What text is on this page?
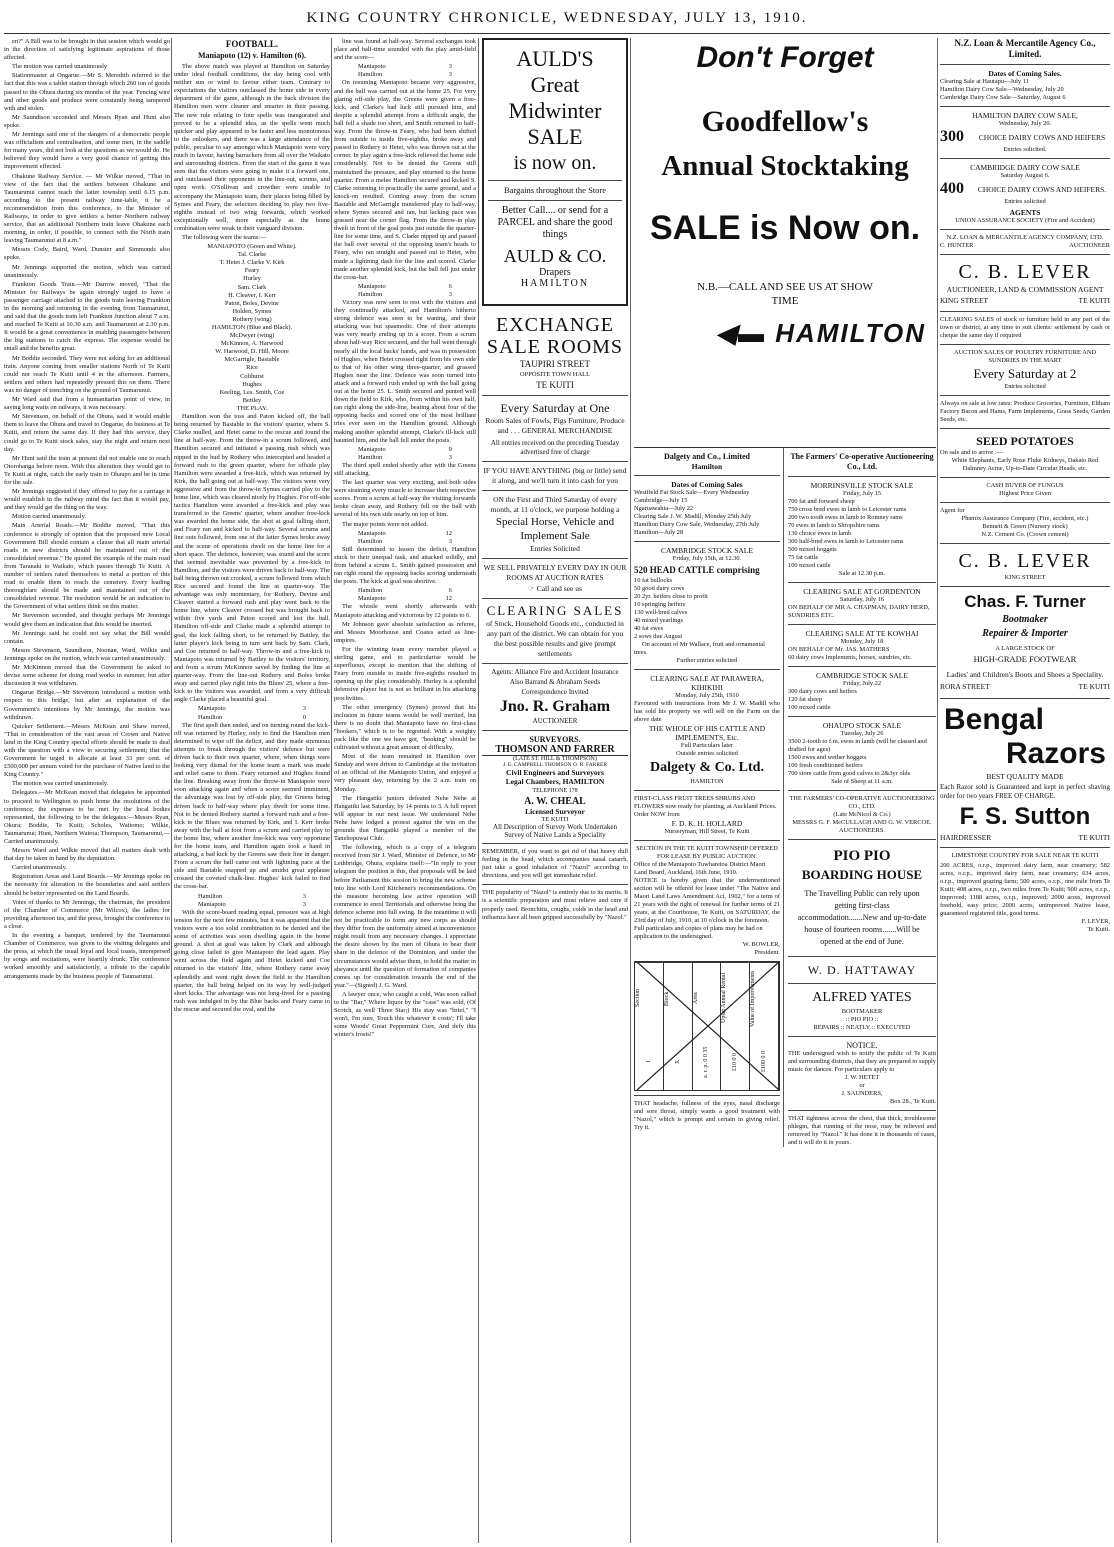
KING COUNTRY CHRONICLE, WEDNESDAY, JULY 13, 1910.

en?" A Bill was to be brought in that session which would go in the direction of satisfying legitimate aspirations of those affected.

The motion was carried unanimously

Stationmaster at Ongarue.—Mr S. Meredith referred to the fact that this was a tablet station through which 260 ton of goods passed to the Ohura during six months of the year. Fencing wire and other goods and produce were constantly being tampered with and stolen.

Mr Saundison seconded and Messrs Ryan and Hunt also spoke.

Mr Jennings said one of the dangers of a democratic people was officialism and centralisation, and some men, in the saddle for many years, did not look at the questions as we would do. He believed they would have a very good chance of getting this improvement effected.

Ohakune Railway Service. — Mr Wilkie moved, "That in view of the fact that the settlers between Ohakune and Taumarunui cannot reach the latter township until 6.15 p.m. according to the present railway time-table, it be a recommendation from this conference, to the Minister of Railways, in order to give settlers a better Northern railway service, that an additional Northern train leave Ohakune each morning, in order, if possible, to connect with the North train leaving Taumarunui at 8 a.m."

Messrs Cody, Baird, Ward, Dunster and Simmonds also spoke.

Mr Jennings supported the motion, which was carried unanimously.

Frankton Goods Train.—Mr Darrow moved, "That the Minister for Railways be again strongly urged to have a passenger carriage attached to the goods train leaving Frankton in the morning and returning in the evening from Taumarunui, and said that the goods train left Frankton Junction about 7 a.m. and reached Te Kuiti at 10.30 a.m. and Taumarunui at 2.30 p.m. It would be a great convenience in enabling passengers between the big stations to catch the express. The expense would be small and the benefits great.

Mr Boddie seconded. They were not asking for an additional train. Anyone coming from smaller stations North of Te Kuiti could not reach Te Kuiti until 4 in the afternoon. Farmers, settlers and others had repeatedly pressed this on them. There was no danger of trenching on the ground of Taumarunui.

Mr Ward said that from a humanitarian point of view, in saving long waits on railways, it was necessary.

Mr Stevenson, on behalf of the Ohura, said it would enable them to leave the Ohura and travel to Ongarue, do business at Te Kuiti, and return the same day. If they had this service, they could go to Te Kuiti stock sales, stay the night and return next day.

Mr Hunt said the train at present did not enable one to reach Otorohanga before noon. With this alteration they would get to Te Kuiti at night, catch the early train to Ohaupo and be in time for the sale.

Mr Jennings suggested if they offered to pay for a carriage it would establish in the railway mind the fact that it would pay, and they would get the thing on the way.

Motion carried unanimously.

Main Arterial Roads.—Mr Boddie moved, "That this conference is strongly of opinion that the proposed new Local Government Bill should contain a clause that all main arterial roads in new districts should be maintained out of the consolidated revenue." He quoted the example of the main road from Taranaki to Waikato, which passes through Te Kuiti. A number of settlers rated themselves to metal a portion of this road to enable them to reach the cemetery. Every leading thoroughfare should be made and maintained out of the consolidated revenue. The resolution would be an indication to the Government of what settlers think on this matter.

Mr Stevenson seconded, and thought perhaps Mr Jennings would give them an indication that this would be inserted.

Mr Jennings said he could not say what the Bill would contain.

Messrs Stevenson, Saundison, Noonan, Ward, Wilkie and Jennings spoke on the motion, which was carried unanimously.

Mr McKinnon moved that the Government be asked to devise some scheme for doing road works in summer, but after discussion it was withdrawn.

Ongarue Bridge.—Mr Stevenson introduced a motion with respect to this bridge, but after an explanation of the Government's intentions by Mr Jennings, the motion was withdrawn.

Quicker Settlement.—Messrs McKean and Shaw moved, "That in consideration of the vast areas of Crown and Native land in the King Country special efforts should be made to deal with the question with a view to securing settlement; that the Government be urged to allocate at least 33 per cent. of £500,000 per annum voted for the purchase of Native land to the King Country."

The motion was carried unanimously.

Delegates.—Mr McKean moved that delegates be appointed to proceed to Wellington to push home the resolutions of the conference; the expenses to be met by the local bodies represented, the following to be the delegates:—Messrs Ryan, Okura; Boddie, Te Kuiti; Scholes, Waitomo; Wilkie, Taumarunui; Hunt, Northern Wairoa; Thompson, Taumarunui,—Carried unanimously.

Messrs Ward and Wilkie moved that all matters dealt with that day be taken in hand by the deputation.

Carried unanimously.

Registration Areas and Land Boards.—Mr Jennings spoke on the necessity for alteration in the boundaries and said settlers should be better represented on the Land Boards.

Votes of thanks to Mr Jennings, the chairman, the president of the Chamber of Commerce (Mr Wilcox), the ladies for providing afternoon tea, and the press, brought the conference to a close.

In the evening a banquet, tendered by the Taumarunui Chamber of Commerce, was given to the visiting delegates and the press, at which the usual loyal and local toasts, interspersed by songs and recitations, were heartily drunk. The conference worked smoothly and satisfactorily, a tribute to the capable arrangements made by the business people of Taumarunui.

FOOTBALL.
Maniapoto (12) v. Hamilton (6).

The above match was played at Hamilton on Saturday under ideal football conditions, the day being cool with neither sun or wind to favour either team. Contrary to expectations the visitors outclassed the home side in every department of the game, although in the back division the Hamilton men were cleaner and smarter in their passing. The new rule relating to four spells was inaugurated and proved to be a splendid idea, as the spells went much quicker and play appeared to be faster and less monotonous to the onlookers, and there was a large attendance of the public, peculiar to say amongst which Maniapoto were very much in favour, having barrackers from all over the Waikato and surrounding districts. From the start of the game it was seen that the visitors were going to make it a forward one, and outclassed their opponents in the line-out, scrums, and open work. O'Sullivan and crowther were unable to accompany the Maniapoto team, their places being filled by Symes and Feary, the selectors deciding to play two five-eighths instead of two wing forwards, which worked exceptionally well, more especially as the home combination were weak in their vanguard division.

The following were the teams:—

MANIAPOTO (Green and White).
Tal. Clarke
T. Hetet J. Clarke V. Kirk
Feary
Hurley
Sam. Clark
H. Cleaver, I. Kerr
Paton, Boles, Devine
Holden, Symes
Rothery (wing)
HAMILTON (Blue and Black).
McDwyer (wing)
McKinnon, A. Harwood
W. Harwood, D. Hill, Moore
McGarrigle, Bastable
Rice
Colthurst
Hughes
Keeling, Les. Smith, Coe
Bettley
THE PLAY.

Hamilton won the toss and Paton kicked off, the ball being returned by Bastable to the visitors' quarter, where S. Clarke mulled, and Hetet came to the rescue and found the line at half-way. From the throw-in a scrum followed, and Hamilton secured and initiated a passing rush which was nipped in the bud by Rothery who intercepted and headed a forward rush to the green quarter, where for offside play Hamilton were awarded a free-kick, which was returned by Kirk, the ball going out at half-way. The visitors were very aggressive and from the throw-in Symes carried play to the home line, which was cleared nicely by Hughes. For off-side tactics Hamilton were awarded a free-kick and play was transferred to the Greens' quarter, where another free-kick was awarded the home side, the shot at goal falling short, and Feary ran and kicked to half-way. Several scrums and line outs followed, from one of the latter Symes broke away and the scene of operations dwelt on the home line for a short space. The defence, however, was sound and the score that seemed inevitable was prevented by a free-kick to Hamilton, and the visitors were driven back to half-way. The ball being thrown out crooked, a scrum followed from which Rice secured and found the line at quarter-way. The advantage was only momentary, for Rothery, Devine and Cleaver started a forward rush and play went back to the home line, where Cleaver crossed but was brought back to within five yards and Paton scored and lost the ball. Hamilton off-side and Clarke made a splendid attempt to goal, the kick falling short, to be returned by Battley, the latter player's kick being in turn sent back by Sam. Clark, and Coe returned to half-way. Throw-in and a free-kick to Maniapoto was returned by Battley to the visitors' territory, and from a scrum McKinnon saved by finding the line at quarter-way. From the line-out Rothery and Boles broke away and carried play right into the Blues' 25, where a free-kick to the visitors was awarded, and from a very difficult angle Clarke placed a beautiful goal.

Maniapoto	3
Hamilton	0

The first spell then ended, and on turning round the kick-off was returned by Hurley, only to find the Hamilton men determined to wipe off the deficit, and they made strenuous attempts to break through the visitors' defence but were driven back to their own quarter, where, when things were looking very dismal for the home team a mark was made and relief came to them. Feary returned and Hughes found the line. Breaking away from the throw-in Maniapoto were soon attacking again and when a score seemed imminent, the advantage was lost by off-side play, the Greens being driven back to half-way where play dwelt for some time. Not to be denied Rothery started a forward rush and a free-kick to the Blues was returned by Kirk, and I. Kerr broke away with the ball at foot from a scrum and carried play to the home line, where another free-kick was very opportune for the home team, and Hamilton again took a hand in attacking, a bad kick by the Greens saw their line in danger. From a scrum the ball came out with lightning pace at the side and Bastable snapped up and amidst great applause crossed the coveted chalk-line. Hughes' kick failed to find the cross-bar.

Hamilton	3
Maniapoto	3

With the score-board reading equal, pressure was at high tension for the next few minutes, but it was apparent that the visitors were a too solid combination to be denied and the scene of activities was soon dwelling again in the home ground. A shot at goal was taken by Clark and although going close failed to give Maniapoto the lead again. Play went across the field again and Hetet kicked and Coe returned to the visitors' line, where Rothery came away splendidly and went right down the field to the Hamilton quarter, the ball being helped on its way by well-judged short kicks. The advantage was not long-lived for a passing rush was indulged in by the Blue backs and Feary came to the rescue and secured the oval, and the

line was found at half-way. Several exchanges took place and half-time sounded with the play amid-field and the score—

Maniapoto	3
Hamilton	3

On resuming Maniapoto became very aggressive, and the ball was carried out at the home 25. For very glaring off-side play, the Greens were given a free-kick, and Clarke's bad luck still pursued him, and despite a splendid attempt from a difficult angle, the ball fell a shade too short, and Smith returned to half-way. From the throw-in Feary, who had been shifted from outside to inside five-eighths, broke away and passed to Rothery to Hetet, who was thrown out at the corner. In play again a free-kick relieved the home side considerably. Not to be denied the Greens still maintained the pressure, and play returned to the home quarter. From a melee Hamilton secured and kicked S. Clarke returning to practically the same ground, and a knock-on resulted. Coming away from the scrum Bastable and McGarrigle transferred play to half-way, where Symes secured and ran, but lacking pace was grassed near the corner flag. From the throw-in play dwelt in front of the goal posts just outside the quarter-line for some time, and S. Clarke nipped up and passed the ball over several of the opposing team's heads to Feary, who ran straight and passed out to Hetet, who made a lightning dash for the line and scored. Clarke made another splendid kick, but the ball fell just under the cross-bar.

Maniapoto	6
Hamilton	3

Victory was now seen to rest with the visitors and they continually attacked, and Hamilton's hitherto strong defence was seen to be waning, and their attacking was but spasmodic. One of their attempts was very nearly ending up in a score. From a scrum about half-way Rice secured, and the ball went through nearly all the local backs' hands, and was in possession of Hughes, when Hetet crossed right from his own side to that of his other wing three-quarter, and grassed Hughes near the line. Defence was soon turned into attack and a forward rush ended up with the ball going out at the home 25. L. Smith secured and punted well down the field to Kirk, who, from within his own half, ran right along the side-line, beating about four of the opposing backs and scored one of the most brilliant tries ever seen on the Hamilton ground. Although making another splendid attempt, Clarke's ill-luck still haunted him, and the ball fell under the posts.

Maniapoto	9
Hamilton	3

The third spell ended shortly after with the Greens still attacking.

The last quarter was very exciting, and both sides were straining every muscle to increase their respective scores. From a scrum at half-way the visiting forwards broke clean away, and Rothery fell on the ball with several of his own side nearly on top of him.

The major points were not added.

Maniapoto	12
Hamilton	3

Still determined to lessen the deficit, Hamilton stuck to their unequal task, and attacked solidly, and from behind a scrum L. Smith gained possession and ran right round the opposing backs scoring underneath the posts. The kick at goal was abortive.

Hamilton	6
Maniapoto	12

The whistle went shortly afterwards with Maniapoto attacking and victorious by 12 points to 6.

Mr Johnson gave absolute satisfaction as referee, and Messrs Moorhouse and Coates acted as line-umpires.

For the winning team every member played a sterling game, and to particularise would be superfluous, except to mention that the shifting of Feary from outside to inside five-eighths resulted in opening up the play considerably. Hurley is a splendid defensive player but is not so brilliant in his attacking proclivities.

The other emergency (Symes) proved that his inclusion in future teams would be well merited, but there is no doubt that Maniapoto have no first-class "hookers," which is to be regretted. With a weighty pack like the one we have got, "hooking" should be cultivated without a great amount of difficulty.

Most of the team remained in Hamilton over Sunday and were driven to Cambridge at the invitation of an official of the Maniapoto Union, and enjoyed a very pleasant day, returning by the 2 a.m. train on Monday.

The Hangatiki juniors defeated Nehe Nehe at Hangatiki last Saturday, by 14 points to 3. A full report will appear in our next issue. We understand Nehe Nehe have lodged a protest against the win on the grounds that Hangatiki played a member of the Tanehopuwai Club.

The following, which is a copy of a telegram received from Sir J. Ward, Minister of Defence, to Mr Lethbridge, Ohura, explains itself:—"In reply to your telegram the position is this, that proposals will be laid before Parliament this session to bring the new scheme into line with Lord Kitchener's recommendations. On the measure becoming law active operation will commence to enrol Territorials and otherwise bring the defence scheme into full swing. In the meantime it will not be practicable to form any new corps as should they differ from the uniformity aimed at inconvenience might result from any necessary changes. I appreciate the desire shown by the men of Ohura to bear their share in the defence of the Dominion, and under the circumstances would advise them, to hold the matter in abeyance until the question of formation of companies comes up for consideration towards the end of the year."—(Signed) J. G. Ward.

A lawyer once, who caught a cold, Was soon called to the "Bar," Where liquor by the "case" was sold, (Of Scotch, as well Three Star;) His stay was "brief," "I won't, I'm sure, Touch this whatever it costs'; I'll take some Woods' Great Peppermint Cure, And defy this winter's frosts!"

AULD'S
Great
Midwinter
SALE
is now on.
Bargains throughout the Store
Better Call.... or send for a PARCEL and share the good things
AULD & CO.
Drapers
HAMILTON
EXCHANGE
SALE ROOMS
TAUPIRI STREET
OPPOSITE TOWN HALL
TE KUITI
Every Saturday at One
Room Sales of Fowls, Pigs Furniture, Produce and . . . GENERAL MERCHANDISE
All entries received on the preceding Tuesday advertised free of charge
IF YOU HAVE ANYTHING (big or little) send it along, and we'll turn it into cash for you
ON the First and Third Saturday of every month, at 11 o'clock, we purpose holding a
Special Horse, Vehicle and Implement Sale
Entries Solicited
WE SELL PRIVATELY EVERY DAY IN OUR ROOMS AT AUCTION RATES
☞ Call and see us
CLEARING SALES
of Stock, Household Goods etc., conducted in any part of the district. We can obtain for you the best possible results and give prompt settlements
Agents: Alliance Fire and Accident Insurance
Also Barrand & Abraham Seeds
Correspondence Invited
Jno. R. Graham
AUCTIONEER
SURVEYORS.
THOMSON AND FARRER
(LATE ST. HILL & THOMPSON)
J. E. CAMPBELL THOMSON O. R. FARRER
Civil Engineers and Surveyors
Legal Chambers, HAMILTON
TELEPHONE 178
A. W. CHEAL
Licensed Surveyor
TE KUITI
All Description of Survey Work Undertaken
Survey of Native Lands a Speciality
REMEMBER, if you want to get rid of that heavy dull feeling in the head, which accompanies nasal catarrh, just take a good inhalation of "Nazol" according to directions, and you will get immediate relief.
THE popularity of "Nazol" is entirely due to its merits. It is a scientific preparation and must relieve and cure if properly used. Bronchitis, coughs, colds in the head and influenza have all been gripped successfully by "Nazol."
Don't Forget
Goodfellow's
Annual Stocktaking
SALE is Now on.
N.B.—CALL AND SEE US AT SHOW TIME
◀▬ HAMILTON
Dalgety and Co., Limited
Hamilton
Dates of Coming Sales
Westfield Fat Stock Sale—Every Wednesday
Cambridge—July 15
Ngaruawahia—July 22
Clearing Sale J. W. Madill, Monday 25th July
Hamilton Dairy Cow Sale, Wednesday, 27th July
Hamilton—July 28
CAMBRIDGE STOCK SALE
Friday, July 15th, at 12.30.
520 HEAD CATTLE comprising
10 fat bullocks
50 good dairy cows
20 2yr. heifers close to profit
10 springing heifers
130 well-bred calves
40 mixed yearlings
40 fat ewes
2 sows due August
On account of Mr Wallace, fruit and ornamental trees.
Further entries solicited
CLEARING SALE AT PARAWERA, KIHIKIHI
Monday, July 25th, 1910
Favoured with instructions from Mr J. W. Madill who has sold his property we will sell on the Farm on the above date
THE WHOLE OF HIS CATTLE AND IMPLEMENTS, Etc.
Full Particulars later
Outside entries solicited
Dalgety & Co. Ltd.
HAMILTON
FIRST-CLASS FRUIT TREES SHRUBS AND FLOWERS now ready for planting, at Auckland Prices. Order NOW from
F. D. K. H. HOLLARD
Nurseryman, Hill Street, Te Kuiti
SECTION IN THE TE KUITI TOWNSHIP OFFERED FOR LEASE BY PUBLIC AUCTION.
Office of the Maniapoto Tuwharetoa District Maori Land Board, Auckland, 16th June, 1910.
NOTICE is hereby given that the undermentioned section will be offered for lease under "The Native and Maori Land Laws Amendment Act, 1902," for a term of 21 years with the right of renewal for further terms of 21 years, at the Courthouse, Te Kuiti, on SATURDAY, the 23rd day of July, 1910, at 10 o'clock in the forenoon.
Full particulars and copies of plans may be had on application to the undersigned.
W. BOWLER,
President.
Section
1
Block
X
Area
a. r. p. 0 0 35
Upset Annual Rental
£10 0 0
Value of Improvements
£100 0 0
THAT headache, fullness of the eyes, nasal discharge and sore throat, simply wants a good treatment with "Nazol," which is prompt and certain in giving relief. Try it.
The Farmers' Co-operative Auctioneering Co., Ltd.
MORRINSVILLE STOCK SALE
Friday, July 15
700 fat and forward sheep
750 cross bred ewes in lamb to Leicester rams
200 two tooth ewes in lamb to Romney rams
70 ewes in lamb to Shropshire rams
130 choice ewes in lamb
300 half-bred ewes in lamb to Leicester rams
500 mixed hoggets
75 fat cattle
100 mixed cattle
Sale at 12.30 p.m.
CLEARING SALE AT GORDENTON
Saturday, July 16
ON BEHALF OF MR A. CHAPMAN, DAIRY HERD, SUNDRIES ETC.
CLEARING SALE AT TE KOWHAI
Monday, July 18
ON BEHALF OF Mr. JAS. MATHERS
60 dairy cows Implements, horses, sundries, etc.
CAMBRIDGE STOCK SALE
Friday, July 22
300 dairy cows and heifers
120 fat sheep
100 mixed cattle
OHAUPO STOCK SALE
Tuesday, July 26
3500 2-tooth to f.m. ewes in lamb (will be classed and drafted for ages)
1500 ewes and wether hoggets
100 fresh conditioned heifers
700 store cattle from good calves to 2&3yr olds
Sale of Sheep at 11 a.m.
THE FARMERS' CO-OPERATIVE AUCTIONEERING CO., LTD.
(Late McNicol & Co.)
MESSRS G. F. McCULLAGH AND G. W. VERCOE. AUCTIONEERS.
PIO PIO
BOARDING HOUSE
The Travelling Public can rely upon getting first-class accommodation.......New and up-to-date house of fourteen rooms.......Will be opened at the end of June.
W. D. HATTAWAY
ALFRED YATES
BOOTMAKER
:: PIO PIO ::
REPAIRS :: NEATLY :: EXECUTED
NOTICE.
THE undersigned wish to notify the public of Te Kuiti and surrounding districts, that they are prepared to supply music for dances. For particulars apply to
J. W. HETET
or
J. SAUNDERS,
Box 28., Te Kuiti.
THAT tightness across the chest, that thick, troublesome phlegm, that running of the nose, may be relieved and removed by "Nazol." It has done it in thousands of cases, and it will do it in yours.
N.Z. Loan & Mercantile Agency Co., Limited.
Dates of Coming Sales.
Clearing Sale at Hautapu—July 11
Hamilton Dairy Cow Sale—Wednesday, July 20
Cambridge Dairy Cow Sale—Saturday, August 6
HAMILTON DAIRY COW SALE,
Wednesday, July 20.
300	CHOICE DAIRY COWS AND HEIFERS
Entries solicited.
CAMBRIDGE DAIRY COW SALE
Saturday August 6.
400	CHOICE DAIRY COWS AND HEIFERS.
Entries solicited
AGENTS
UNION ASSURANCE SOCIETY (Fire and Accident)
N.Z. LOAN & MERCANTILE AGENCY COMPANY, LTD.
C. HUNTER	AUCTIONEER
C. B. LEVER
AUCTIONEER, LAND & COMMISSION AGENT
KING STREET	TE KUITI
CLEARING SALES of stock or furniture held in any part of the town or district, at any time to suit clients: settlement by cash or cheque the same day if required
AUCTION SALES OF POULTRY FURNITURE AND SUNDRIES IN THE MART
Every Saturday at 2
Entries solicited
Always on sale at low rates: Produce Groceries, Furniture, Eltham Factory Bacon and Hams, Farm Implements, Grass Seeds, Garden Seeds, etc.
SEED POTATOES
On sale and to arrive :—
White Elephants, Early Rose Fluke Kidneys, Dakato Red Dalmney Acme, Up-to-Date Circular Heads, etc.
CASH BUYER OF FUNGUS
Highest Price Given
Agent for
Phœnix Assurance Company (Fire, accident, etc.)
Bennett & Green (Nursery stock)
N.Z. Cement Co. (Crown cement)
C. B. LEVER
KING STREET
Chas. F. Turner
Bootmaker
Repairer & Importer
A LARGE STOCK OF
HIGH-GRADE FOOTWEAR
Ladies' and Children's Boots and Shoes a Speciality.
RORA STREET	TE KUITI
Bengal
Razors
BEST QUALITY MADE
Each Razor sold is Guaranteed and kept in perfect shaving order for two years FREE OF CHARGE.
F. S. Sutton
HAIRDRESSER	TE KUITI
LIMESTONE COUNTRY FOR SALE NEAR TE KUITI
200 ACRES, o.r.p., improved dairy farm, near creamery; 582 acres, o.r.p., improved dairy farm, near creamery; 634 acres, o.r.p., improved grazing farm; 500 acres, o.r.p., one mile from Te Kuiti; 408 acres, o.r.p., two miles from Te Kuiti; 900 acres, o.r.p., improved; 1188 acres, o.r.p., improved; 2000 acres, improved freehold, easy price; 2000 acres, unimproved Native lease, guaranteed registered title, good terms.
F. LEVER,
Te Kuiti.
